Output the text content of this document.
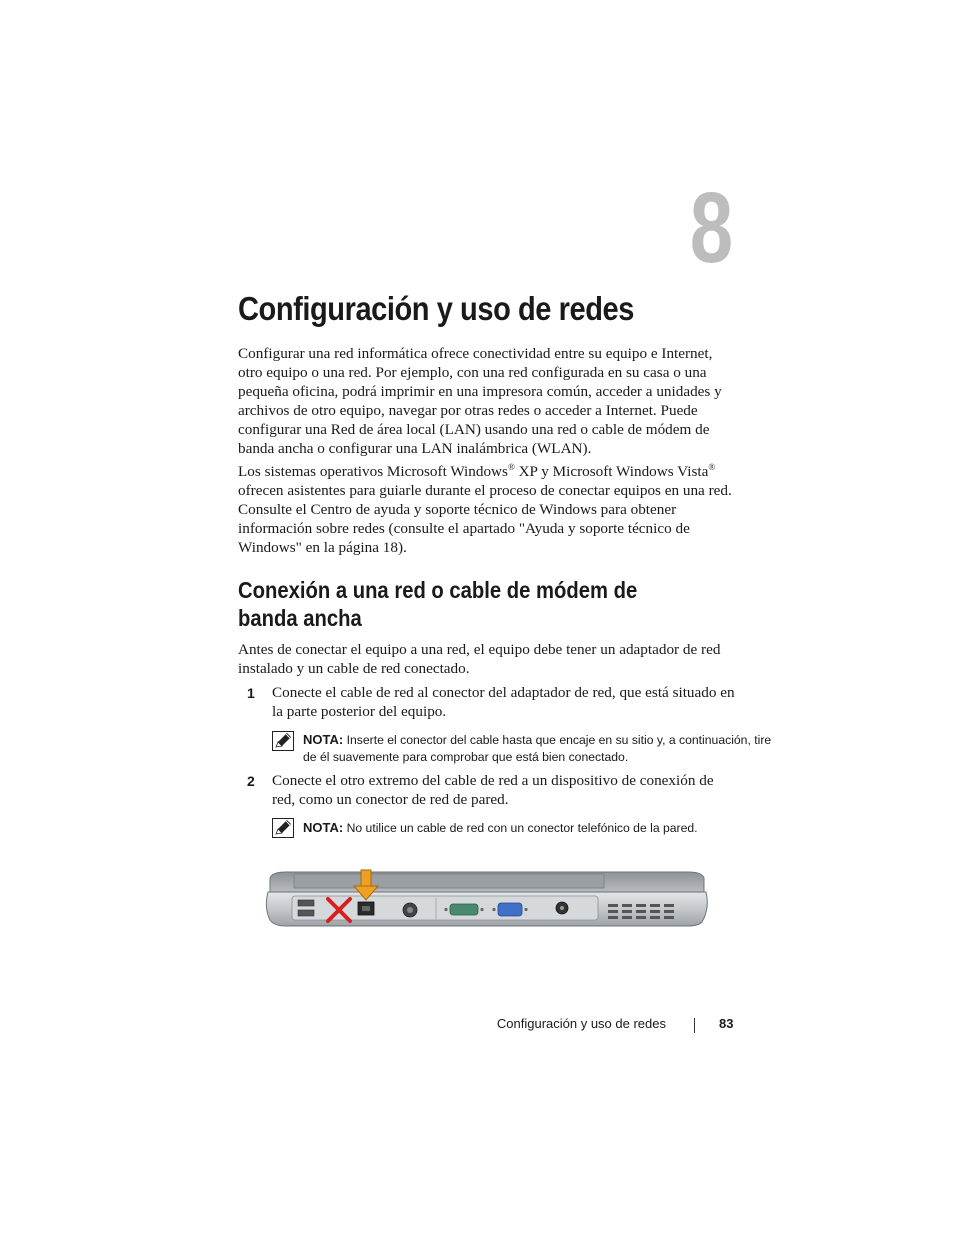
8
Configuración y uso de redes

Configurar una red informática ofrece conectividad entre su equipo e Internet, otro equipo o una red. Por ejemplo, con una red configurada en su casa o una pequeña oficina, podrá imprimir en una impresora común, acceder a unidades y archivos de otro equipo, navegar por otras redes o acceder a Internet. Puede configurar una Red de área local (LAN) usando una red o cable de módem de banda ancha o configurar una LAN inalámbrica (WLAN).

Los sistemas operativos Microsoft Windows® XP y Microsoft Windows Vista® ofrecen asistentes para guiarle durante el proceso de conectar equipos en una red. Consulte el Centro de ayuda y soporte técnico de Windows para obtener información sobre redes (consulte el apartado "Ayuda y soporte técnico de Windows" en la página 18).

Conexión a una red o cable de módem de banda ancha

Antes de conectar el equipo a una red, el equipo debe tener un adaptador de red instalado y un cable de red conectado.

1 Conecte el cable de red al conector del adaptador de red, que está situado en la parte posterior del equipo.

NOTA: Inserte el conector del cable hasta que encaje en su sitio y, a continuación, tire de él suavemente para comprobar que está bien conectado.

2 Conecte el otro extremo del cable de red a un dispositivo de conexión de red, como un conector de red de pared.

NOTA: No utilice un cable de red con un conector telefónico de la pared.

Configuración y uso de redes	83
